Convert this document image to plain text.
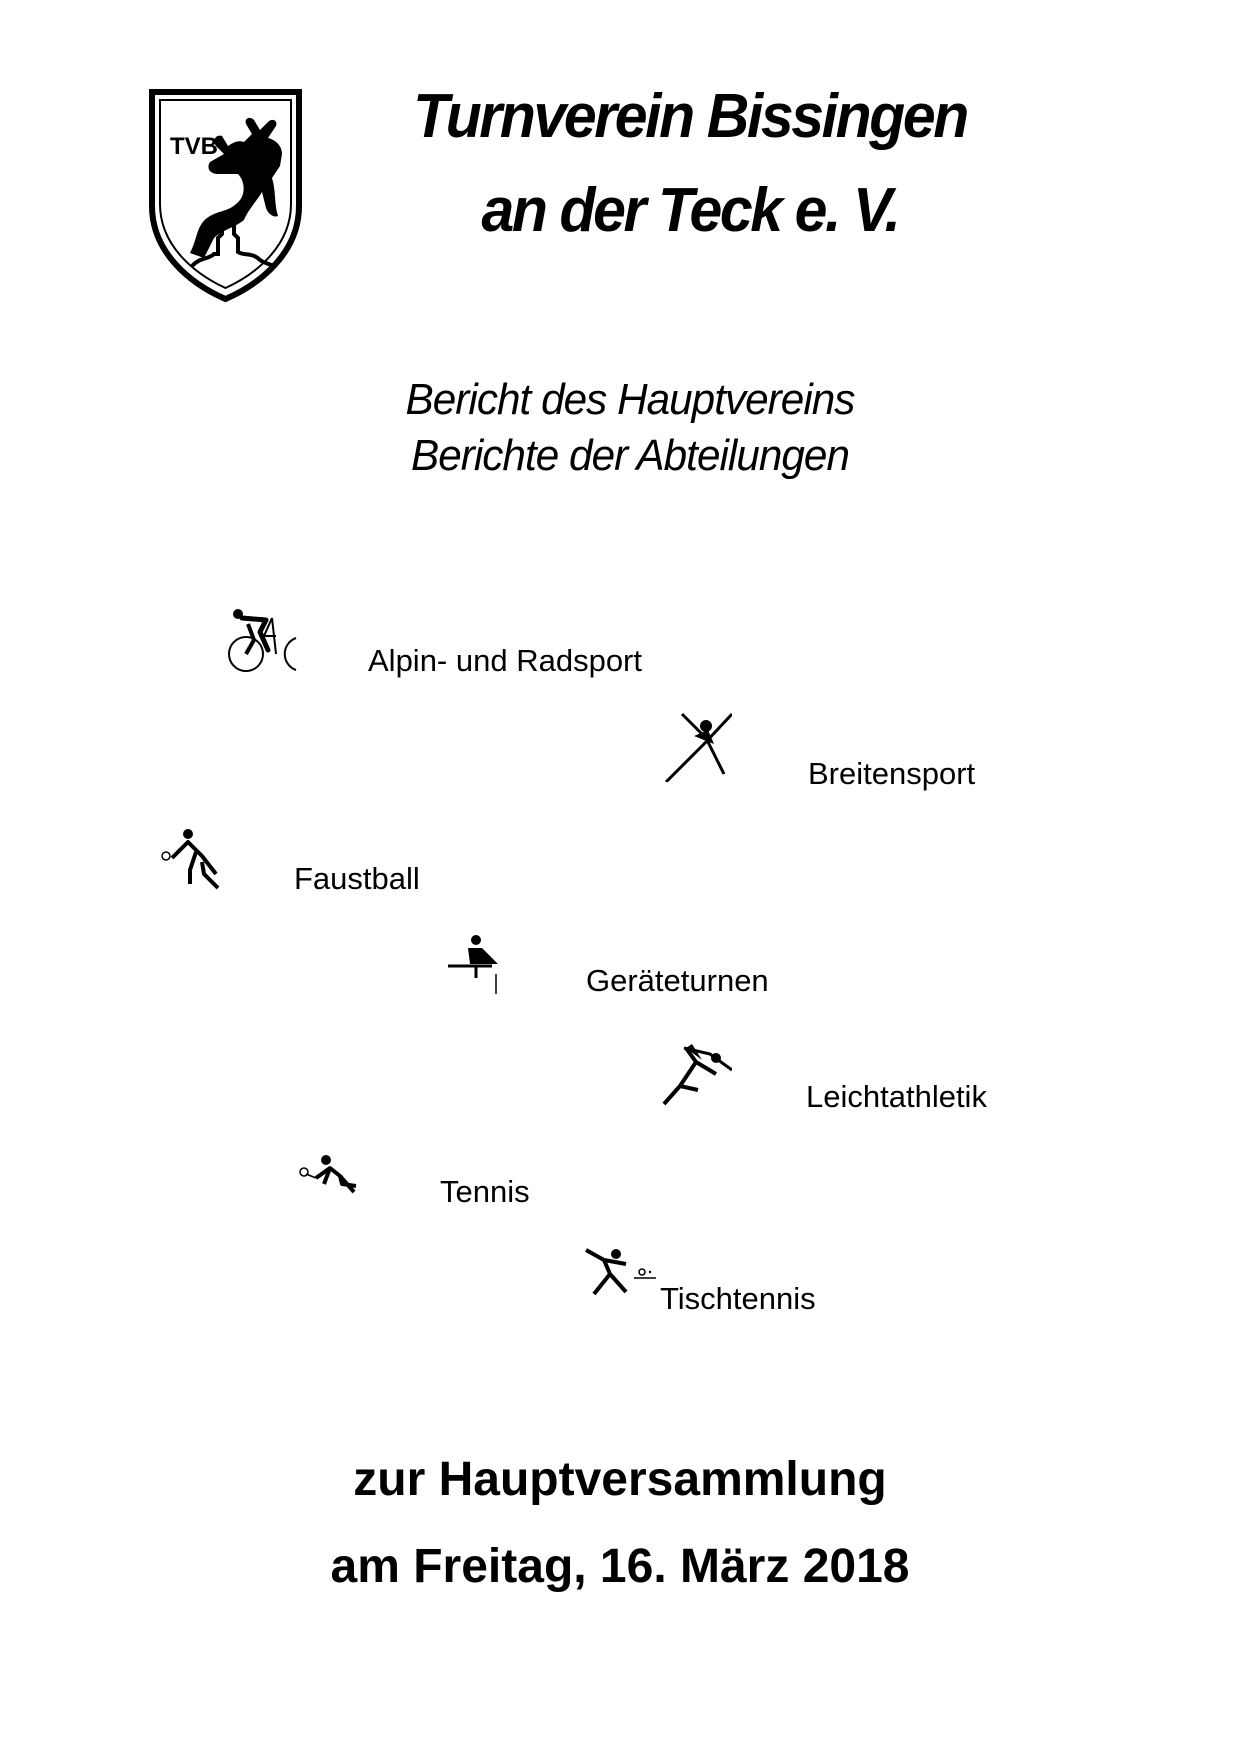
TVB	Turnverein Bissingen
an der Teck e. V.
Bericht des Hauptvereins
Berichte der Abteilungen
Alpin- und Radsport
Breitensport
Faustball
Geräteturnen
Leichtathletik
Tennis
Tischtennis
zur Hauptversammlung
am Freitag, 16. März 2018
